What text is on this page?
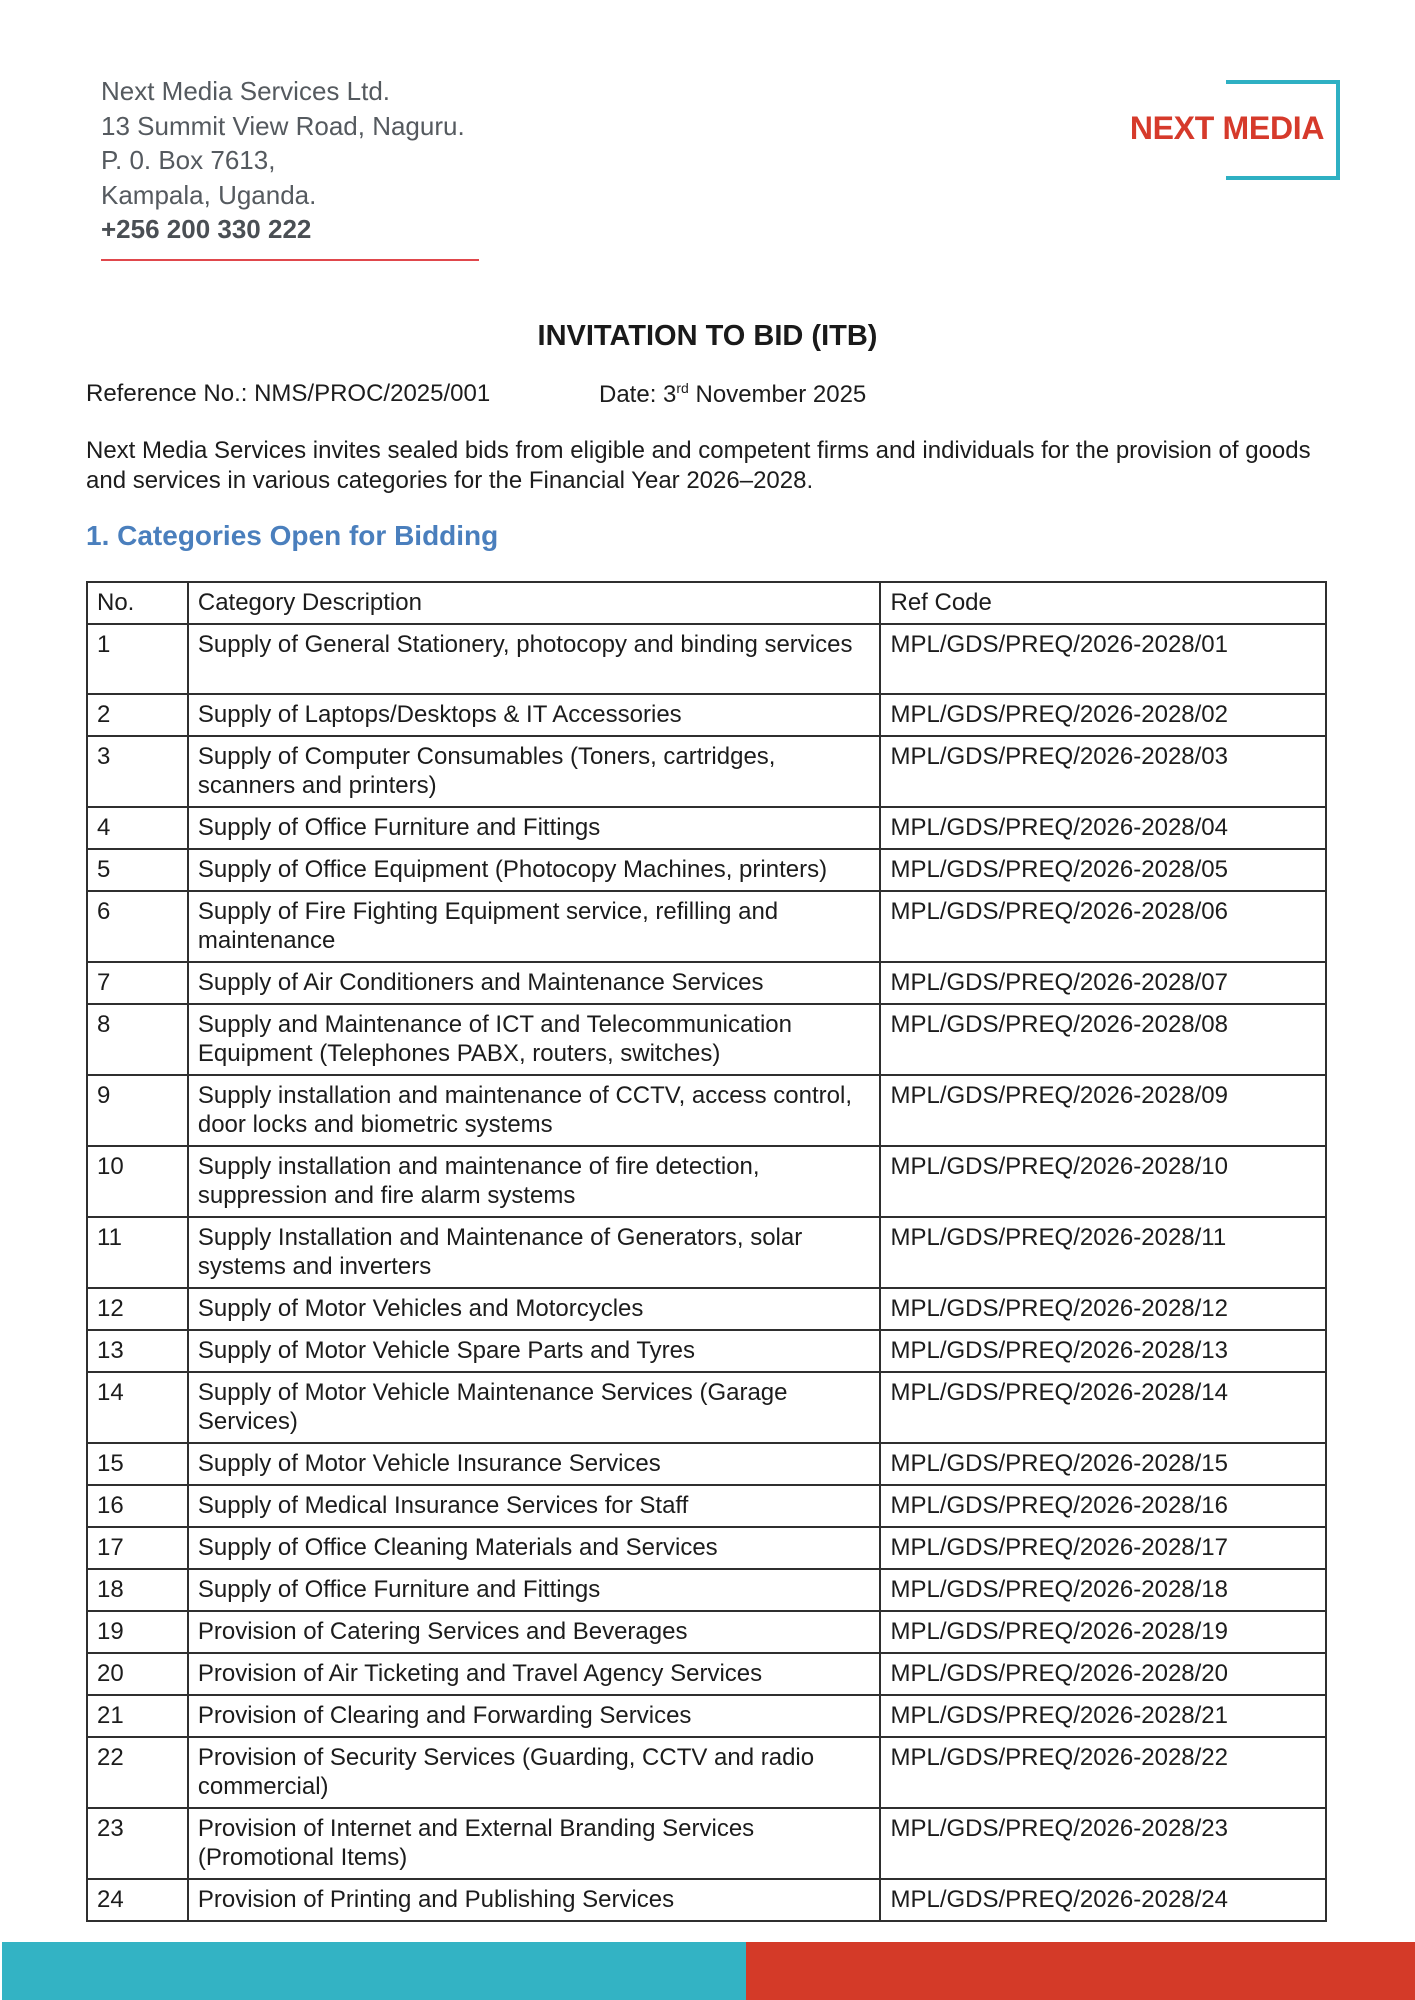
Next Media Services Ltd.
13 Summit View Road, Naguru.
P. 0. Box 7613,
Kampala, Uganda.
+256 200 330 222
NEXT MEDIA
INVITATION TO BID (ITB)
Reference No.: NMS/PROC/2025/001	Date: 3rd November 2025
Next Media Services invites sealed bids from eligible and competent firms and individuals for the provision of goods and services in various categories for the Financial Year 2026–2028.
1. Categories Open for Bidding
No.	Category Description	Ref Code
1	Supply of General Stationery, photocopy and binding services	MPL/GDS/PREQ/2026-2028/01
2	Supply of Laptops/Desktops & IT Accessories	MPL/GDS/PREQ/2026-2028/02
3	Supply of Computer Consumables (Toners, cartridges, scanners and printers)	MPL/GDS/PREQ/2026-2028/03
4	Supply of Office Furniture and Fittings	MPL/GDS/PREQ/2026-2028/04
5	Supply of Office Equipment (Photocopy Machines, printers)	MPL/GDS/PREQ/2026-2028/05
6	Supply of Fire Fighting Equipment service, refilling and maintenance	MPL/GDS/PREQ/2026-2028/06
7	Supply of Air Conditioners and Maintenance Services	MPL/GDS/PREQ/2026-2028/07
8	Supply and Maintenance of ICT and Telecommunication Equipment (Telephones PABX, routers, switches)	MPL/GDS/PREQ/2026-2028/08
9	Supply installation and maintenance of CCTV, access control, door locks and biometric systems	MPL/GDS/PREQ/2026-2028/09
10	Supply installation and maintenance of fire detection, suppression and fire alarm systems	MPL/GDS/PREQ/2026-2028/10
11	Supply Installation and Maintenance of Generators, solar systems and inverters	MPL/GDS/PREQ/2026-2028/11
12	Supply of Motor Vehicles and Motorcycles	MPL/GDS/PREQ/2026-2028/12
13	Supply of Motor Vehicle Spare Parts and Tyres	MPL/GDS/PREQ/2026-2028/13
14	Supply of Motor Vehicle Maintenance Services (Garage Services)	MPL/GDS/PREQ/2026-2028/14
15	Supply of Motor Vehicle Insurance Services	MPL/GDS/PREQ/2026-2028/15
16	Supply of Medical Insurance Services for Staff	MPL/GDS/PREQ/2026-2028/16
17	Supply of Office Cleaning Materials and Services	MPL/GDS/PREQ/2026-2028/17
18	Supply of Office Furniture and Fittings	MPL/GDS/PREQ/2026-2028/18
19	Provision of Catering Services and Beverages	MPL/GDS/PREQ/2026-2028/19
20	Provision of Air Ticketing and Travel Agency Services	MPL/GDS/PREQ/2026-2028/20
21	Provision of Clearing and Forwarding Services	MPL/GDS/PREQ/2026-2028/21
22	Provision of Security Services (Guarding, CCTV and radio commercial)	MPL/GDS/PREQ/2026-2028/22
23	Provision of Internet and External Branding Services (Promotional Items)	MPL/GDS/PREQ/2026-2028/23
24	Provision of Printing and Publishing Services	MPL/GDS/PREQ/2026-2028/24
